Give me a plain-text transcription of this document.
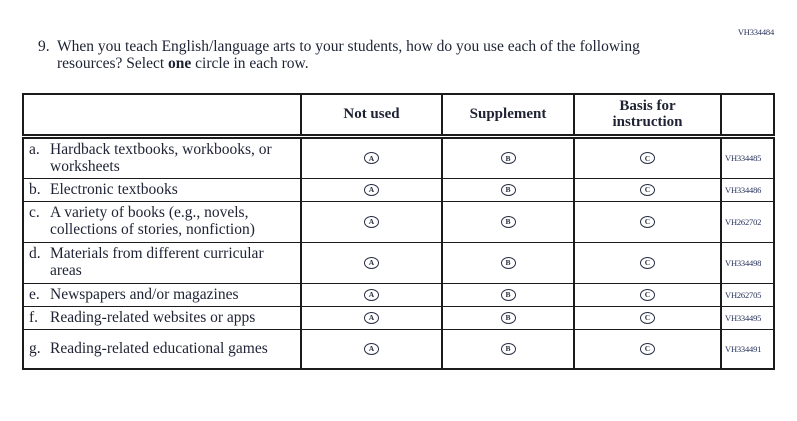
VH334484
9. When you teach English/language arts to your students, how do you use each of the following resources? Select one circle in each row.
	Not used	Supplement	Basis for instruction	

a. Hardback textbooks, workbooks, or worksheets	A	B	C	VH334485

b. Electronic textbooks	A	B	C	VH334486

c. A variety of books (e.g., novels, collections of stories, nonfiction)	A	B	C	VH262702

d. Materials from different curricular areas	A	B	C	VH334498

e. Newspapers and/or magazines	A	B	C	VH262705

f. Reading-related websites or apps	A	B	C	VH334495

g. Reading-related educational games	A	B	C	VH334491
